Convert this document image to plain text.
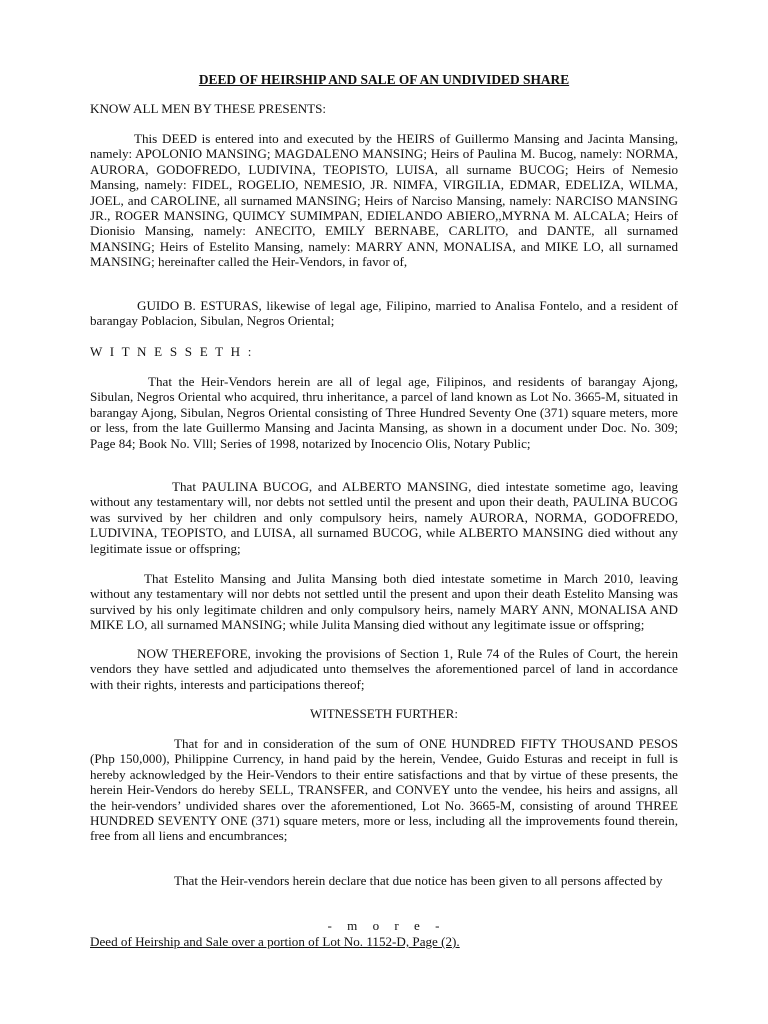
DEED OF HEIRSHIP AND SALE OF AN UNDIVIDED SHARE

KNOW ALL MEN BY THESE PRESENTS:

This DEED is entered into and executed by the HEIRS of Guillermo Mansing and Jacinta Mansing, namely: APOLONIO MANSING; MAGDALENO MANSING; Heirs of Paulina M. Bucog, namely: NORMA, AURORA, GODOFREDO, LUDIVINA, TEOPISTO, LUISA, all surname BUCOG; Heirs of Nemesio Mansing, namely: FIDEL, ROGELIO, NEMESIO, JR. NIMFA, VIRGILIA, EDMAR, EDELIZA, WILMA, JOEL, and CAROLINE, all surnamed MANSING; Heirs of Narciso Mansing, namely: NARCISO MANSING JR., ROGER MANSING, QUIMCY SUMIMPAN, EDIELANDO ABIERO,,MYRNA M. ALCALA; Heirs of Dionisio Mansing, namely: ANECITO, EMILY BERNABE, CARLITO, and DANTE, all surnamed MANSING; Heirs of Estelito Mansing, namely: MARRY ANN, MONALISA, and MIKE LO, all surnamed MANSING; hereinafter called the Heir-Vendors, in favor of,

GUIDO B. ESTURAS, likewise of legal age, Filipino, married to Analisa Fontelo, and a resident of barangay Poblacion, Sibulan, Negros Oriental;

W I T N E S S E T H :

That the Heir-Vendors herein are all of legal age, Filipinos, and residents of barangay Ajong, Sibulan, Negros Oriental who acquired, thru inheritance, a parcel of land known as Lot No. 3665-M, situated in barangay Ajong, Sibulan, Negros Oriental consisting of Three Hundred Seventy One (371) square meters, more or less, from the late Guillermo Mansing and Jacinta Mansing, as shown in a document under Doc. No. 309; Page 84; Book No. Vlll; Series of 1998, notarized by Inocencio Olis, Notary Public;

That PAULINA BUCOG, and ALBERTO MANSING, died intestate sometime ago, leaving without any testamentary will, nor debts not settled until the present and upon their death, PAULINA BUCOG was survived by her children and only compulsory heirs, namely AURORA, NORMA, GODOFREDO, LUDIVINA, TEOPISTO, and LUISA, all surnamed BUCOG, while ALBERTO MANSING died without any legitimate issue or offspring;

That Estelito Mansing and Julita Mansing both died intestate sometime in March 2010, leaving without any testamentary will nor debts not settled until the present and upon their death Estelito Mansing was survived by his only legitimate children and only compulsory heirs, namely MARY ANN, MONALISA AND MIKE LO, all surnamed MANSING; while Julita Mansing died without any legitimate issue or offspring;

NOW THEREFORE, invoking the provisions of Section 1, Rule 74 of the Rules of Court, the herein vendors they have settled and adjudicated unto themselves the aforementioned parcel of land in accordance with their rights, interests and participations thereof;

WITNESSETH FURTHER:

That for and in consideration of the sum of ONE HUNDRED FIFTY THOUSAND PESOS (Php 150,000), Philippine Currency, in hand paid by the herein, Vendee, Guido Esturas and receipt in full is hereby acknowledged by the Heir-Vendors to their entire satisfactions and that by virtue of these presents, the herein Heir-Vendors do hereby SELL, TRANSFER, and CONVEY unto the vendee, his heirs and assigns, all the heir-vendors’ undivided shares over the aforementioned, Lot No. 3665-M, consisting of around THREE HUNDRED SEVENTY ONE (371) square meters, more or less, including all the improvements found therein, free from all liens and encumbrances;

That the Heir-vendors herein declare that due notice has been given to all persons affected by

- m o r e -

Deed of Heirship and Sale over a portion of Lot No. 1152-D, Page (2).
